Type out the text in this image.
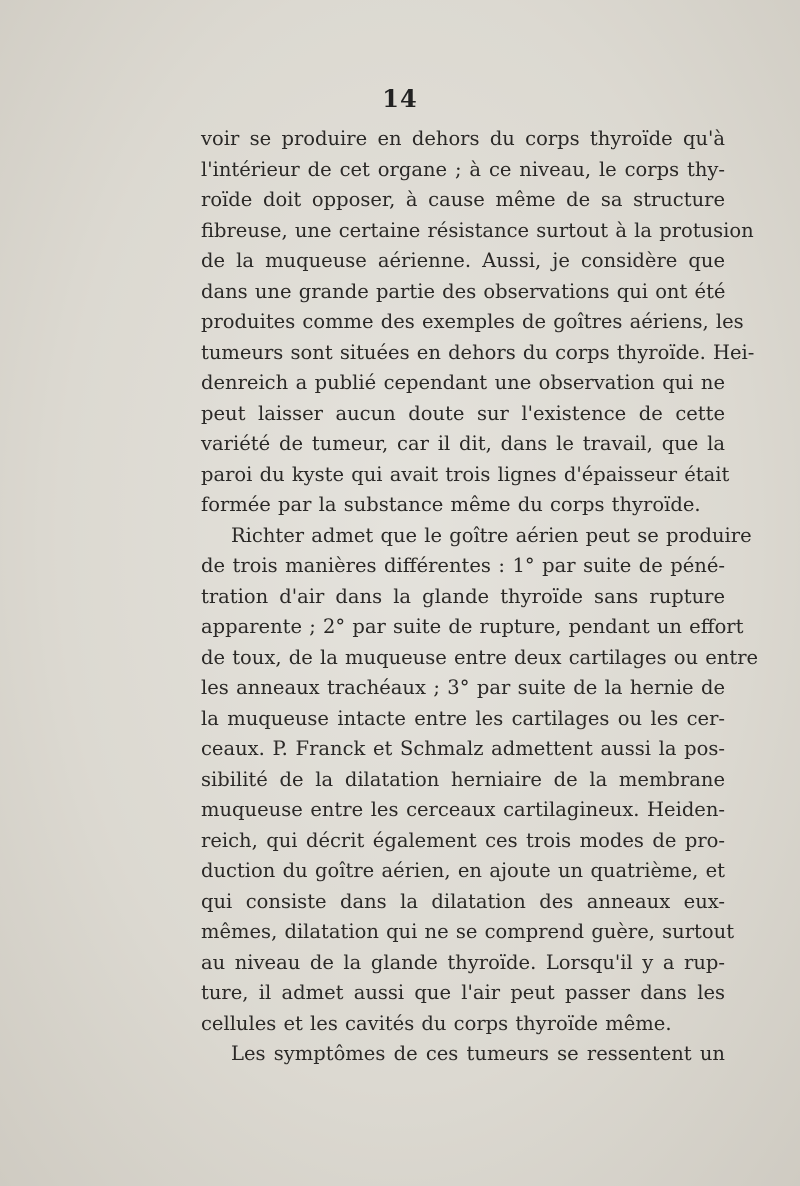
14
voir se produire en dehors du corps thyroïde qu'à
l'intérieur de cet organe ; à ce niveau, le corps thy-
roïde doit opposer, à cause même de sa structure
fibreuse, une certaine résistance surtout à la protusion
de la muqueuse aérienne. Aussi, je considère que
dans une grande partie des observations qui ont été
produites comme des exemples de goîtres aériens, les
tumeurs sont situées en dehors du corps thyroïde. Hei-
denreich a publié cependant une observation qui ne
peut laisser aucun doute sur l'existence de cette
variété de tumeur, car il dit, dans le travail, que la
paroi du kyste qui avait trois lignes d'épaisseur était
formée par la substance même du corps thyroïde.
Richter admet que le goître aérien peut se produire
de trois manières différentes : 1° par suite de péné-
tration d'air dans la glande thyroïde sans rupture
apparente ; 2° par suite de rupture, pendant un effort
de toux, de la muqueuse entre deux cartilages ou entre
les anneaux trachéaux ; 3° par suite de la hernie de
la muqueuse intacte entre les cartilages ou les cer-
ceaux. P. Franck et Schmalz admettent aussi la pos-
sibilité de la dilatation herniaire de la membrane
muqueuse entre les cerceaux cartilagineux. Heiden-
reich, qui décrit également ces trois modes de pro-
duction du goître aérien, en ajoute un quatrième, et
qui consiste dans la dilatation des anneaux eux-
mêmes, dilatation qui ne se comprend guère, surtout
au niveau de la glande thyroïde. Lorsqu'il y a rup-
ture, il admet aussi que l'air peut passer dans les
cellules et les cavités du corps thyroïde même.
Les symptômes de ces tumeurs se ressentent un
